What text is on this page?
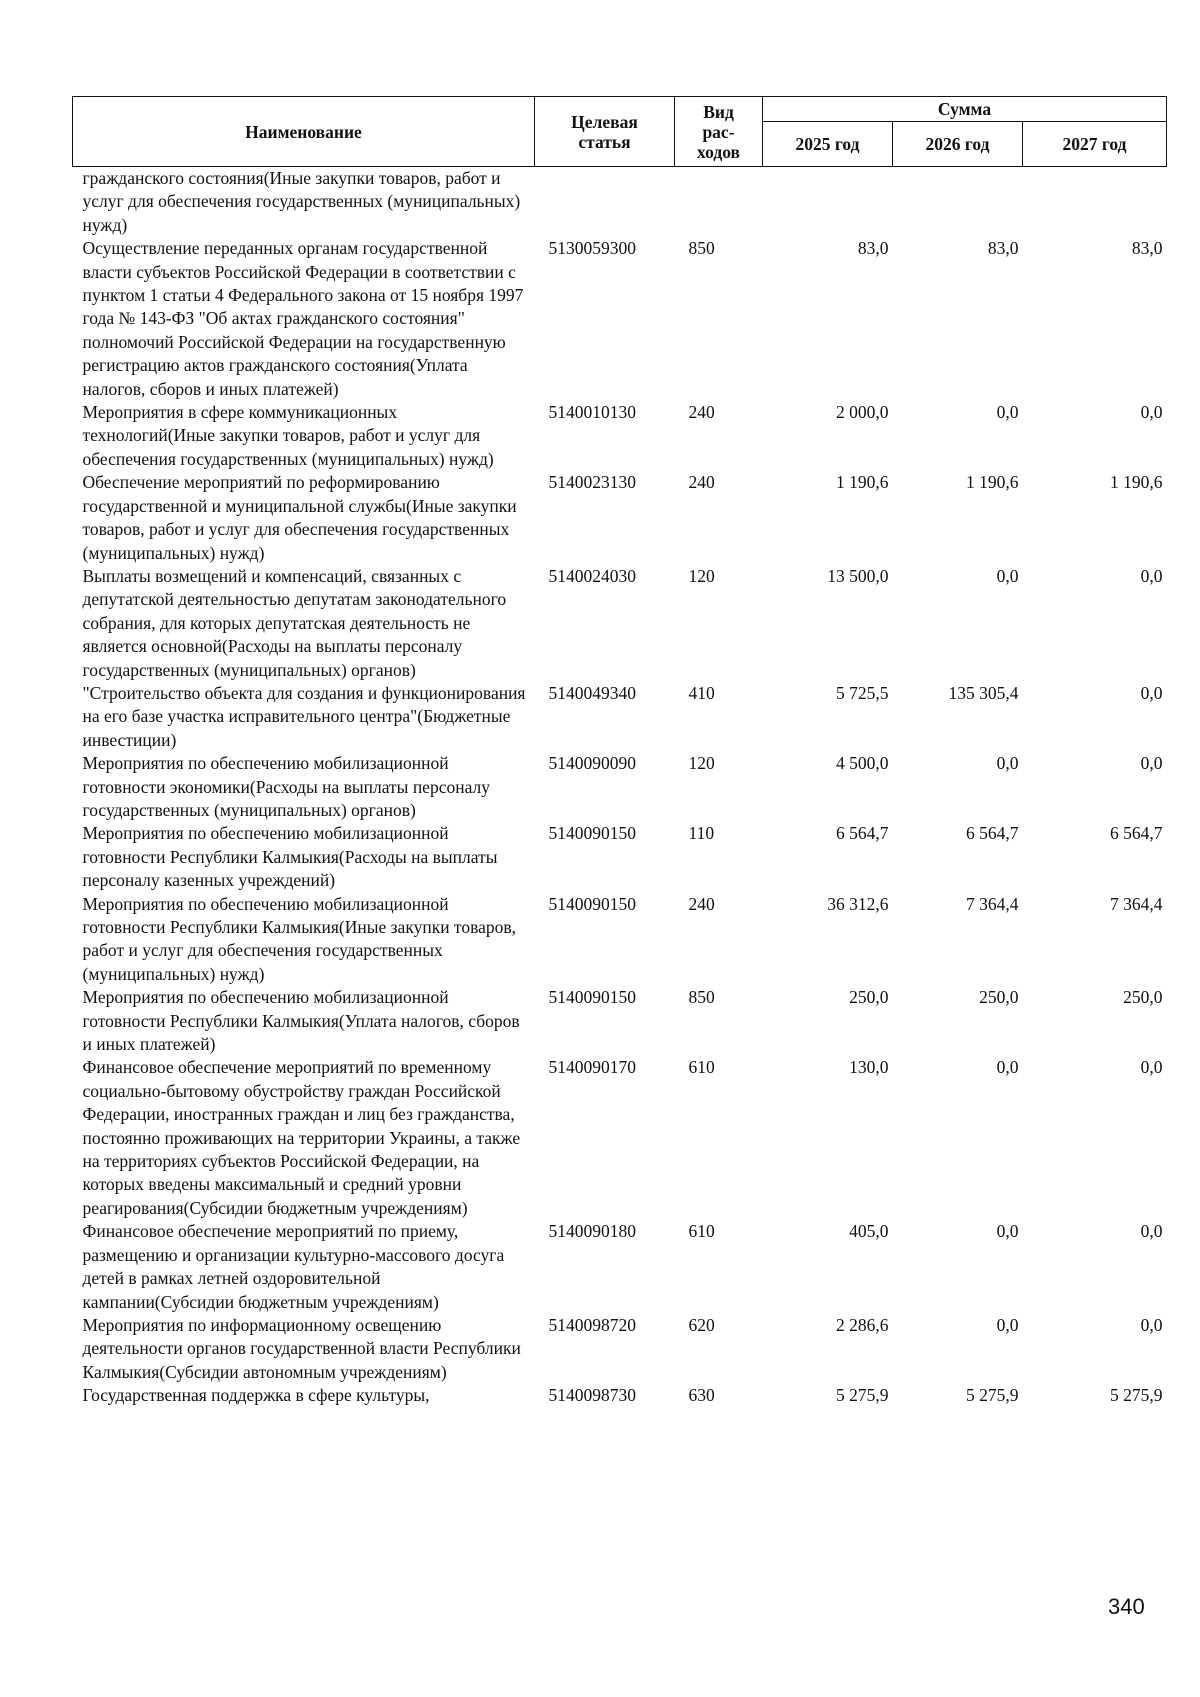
Наименование	Целевая статья	Вид рас-ходов	Сумма		
			2025 год	2026 год	2027 год
гражданского состояния(Иные закупки товаров, работ и услуг для обеспечения государственных (муниципальных) нужд)					
Осуществление переданных органам государственной власти субъектов Российской Федерации в соответствии с пунктом 1 статьи 4 Федерального закона от 15 ноября 1997 года № 143-ФЗ "Об актах гражданского состояния" полномочий Российской Федерации на государственную регистрацию актов гражданского состояния(Уплата налогов, сборов и иных платежей)	5130059300	850	83,0	83,0	83,0
Мероприятия в сфере коммуникационных технологий(Иные закупки товаров, работ и услуг для обеспечения государственных (муниципальных) нужд)	5140010130	240	2 000,0	0,0	0,0
Обеспечение мероприятий по реформированию государственной и муниципальной службы(Иные закупки товаров, работ и услуг для обеспечения государственных (муниципальных) нужд)	5140023130	240	1 190,6	1 190,6	1 190,6
Выплаты возмещений и компенсаций, связанных с депутатской деятельностью депутатам законодательного собрания, для которых депутатская деятельность не является основной(Расходы на выплаты персоналу государственных (муниципальных) органов)	5140024030	120	13 500,0	0,0	0,0
"Строительство объекта для создания и функционирования на его базе участка исправительного центра"(Бюджетные инвестиции)	5140049340	410	5 725,5	135 305,4	0,0
Мероприятия по обеспечению мобилизационной готовности экономики(Расходы на выплаты персоналу государственных (муниципальных) органов)	5140090090	120	4 500,0	0,0	0,0
Мероприятия по обеспечению мобилизационной готовности Республики Калмыкия(Расходы на выплаты персоналу казенных учреждений)	5140090150	110	6 564,7	6 564,7	6 564,7
Мероприятия по обеспечению мобилизационной готовности Республики Калмыкия(Иные закупки товаров, работ и услуг для обеспечения государственных (муниципальных) нужд)	5140090150	240	36 312,6	7 364,4	7 364,4
Мероприятия по обеспечению мобилизационной готовности Республики Калмыкия(Уплата налогов, сборов и иных платежей)	5140090150	850	250,0	250,0	250,0
Финансовое обеспечение мероприятий по временному социально-бытовому обустройству граждан Российской Федерации, иностранных граждан и лиц без гражданства, постоянно проживающих на территории Украины, а также на территориях субъектов Российской Федерации, на которых введены максимальный и средний уровни реагирования(Субсидии бюджетным учреждениям)	5140090170	610	130,0	0,0	0,0
Финансовое обеспечение мероприятий по приему, размещению и организации культурно-массового досуга детей в рамках летней оздоровительной кампании(Субсидии бюджетным учреждениям)	5140090180	610	405,0	0,0	0,0
Мероприятия по информационному освещению деятельности органов государственной власти Республики Калмыкия(Субсидии автономным учреждениям)	5140098720	620	2 286,6	0,0	0,0
Государственная поддержка в сфере культуры,	5140098730	630	5 275,9	5 275,9	5 275,9
340
